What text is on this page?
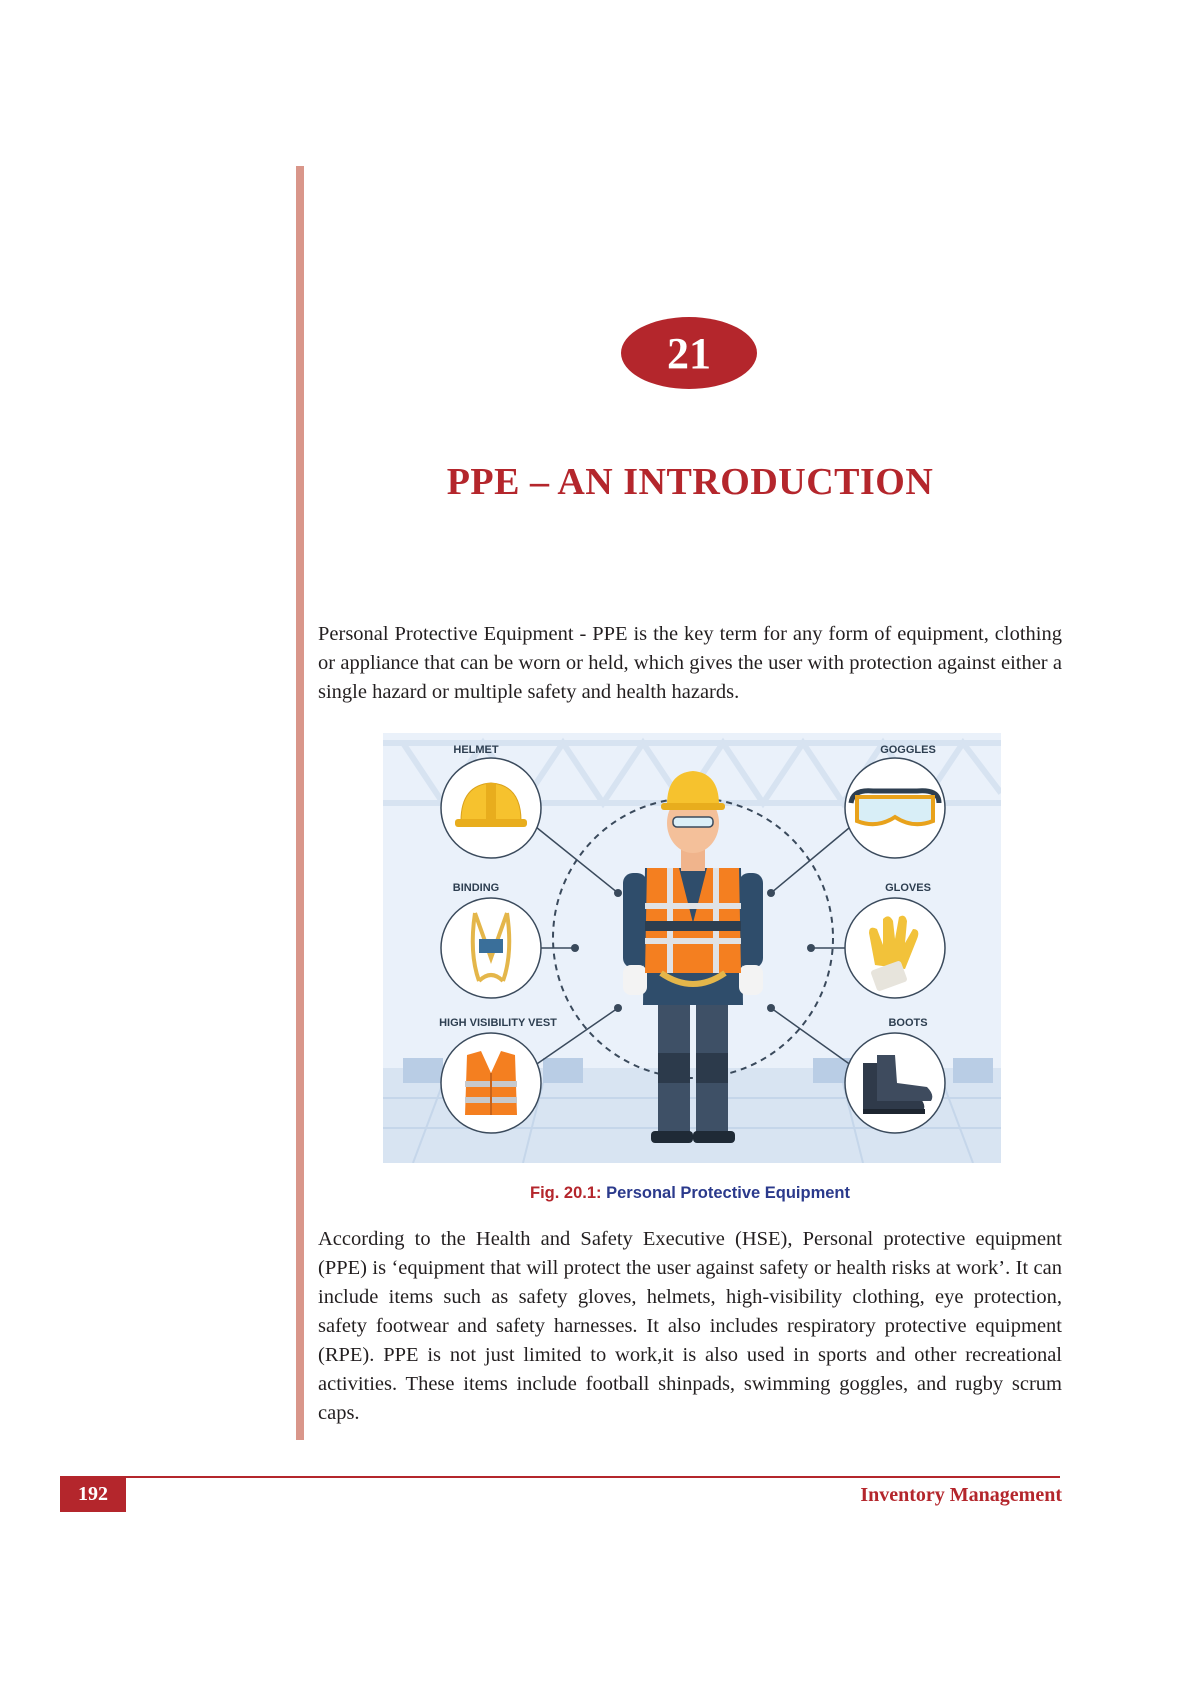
21
PPE – AN INTRODUCTION

Personal Protective Equipment - PPE is the key term for any form of equipment, clothing or appliance that can be worn or held, which gives the user with protection against either a single hazard or multiple safety and health hazards.

HELMET
BINDING
HIGH VISIBILITY VEST
GOGGLES
GLOVES
BOOTS
Fig. 20.1: Personal Protective Equipment

According to the Health and Safety Executive (HSE), Personal protective equipment (PPE) is ‘equipment that will protect the user against safety or health risks at work’. It can include items such as safety gloves, helmets, high-visibility clothing, eye protection, safety footwear and safety harnesses. It also includes respiratory protective equipment (RPE). PPE is not just limited to work,it is also used in sports and other recreational activities. These items include football shinpads, swimming goggles, and rugby scrum caps.

192	Inventory Management
